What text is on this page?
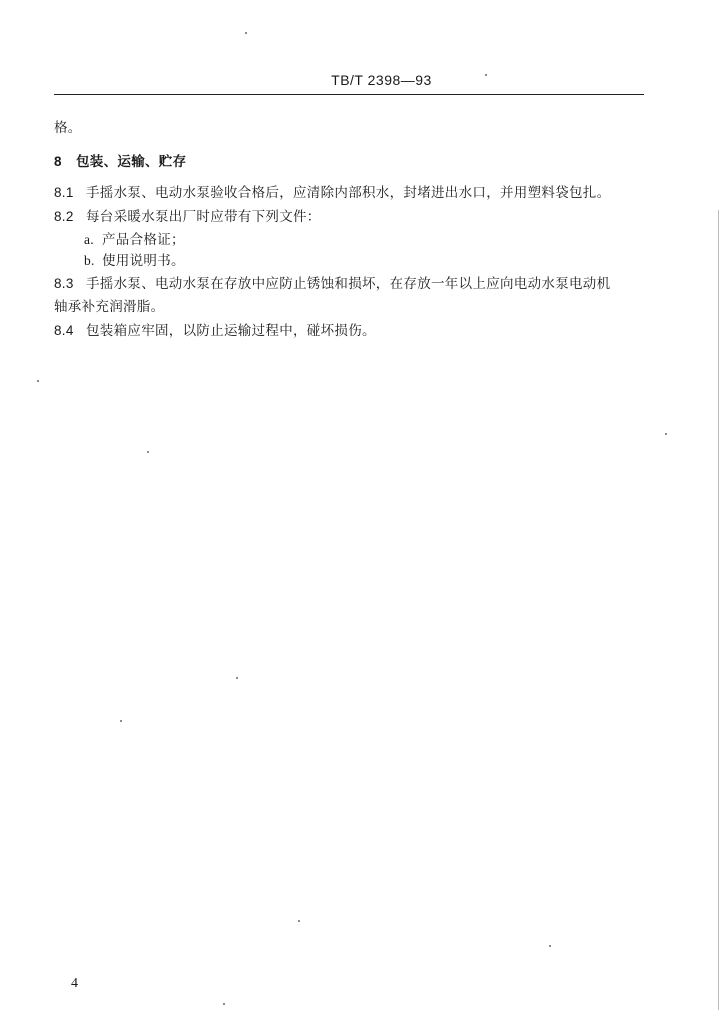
TB/T 2398—93
格。
8 包装、运输、贮存
8.1 手摇水泵、电动水泵验收合格后，应清除内部积水，封堵进出水口，并用塑料袋包扎。
8.2 每台采暖水泵出厂时应带有下列文件：
a. 产品合格证；
b. 使用说明书。
8.3 手摇水泵、电动水泵在存放中应防止锈蚀和损坏，在存放一年以上应向电动水泵电动机
轴承补充润滑脂。
8.4 包装箱应牢固，以防止运输过程中，碰坏损伤。
4
